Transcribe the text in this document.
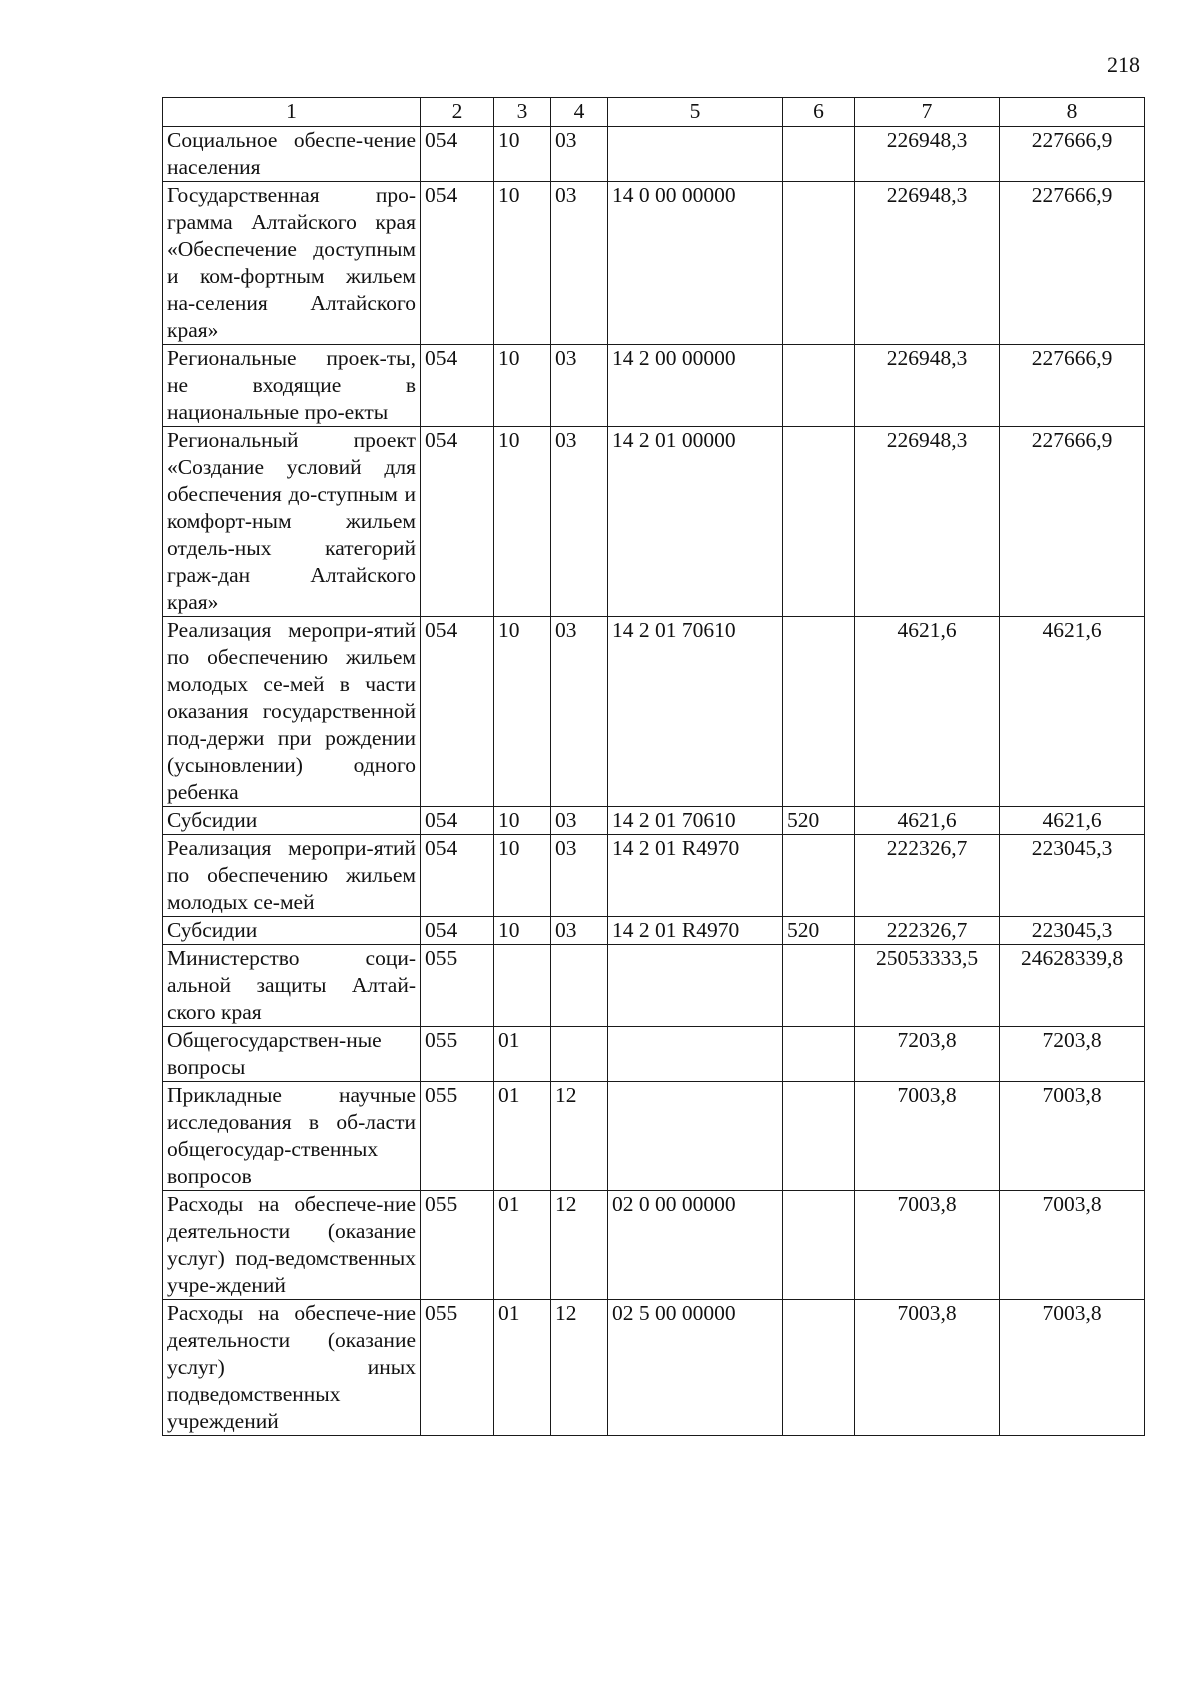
218
1	2	3	4	5	6	7	8
Социальное обеспе-чение населения	054	10	03			226948,3	227666,9
Государственная про-грамма Алтайского края «Обеспечение доступным и ком-фортным жильем на-селения Алтайского края»	054	10	03	14 0 00 00000		226948,3	227666,9
Региональные проек-ты, не входящие в национальные про-екты	054	10	03	14 2 00 00000		226948,3	227666,9
Региональный проект «Создание условий для обеспечения до-ступным и комфорт-ным жильем отдель-ных категорий граж-дан Алтайского края»	054	10	03	14 2 01 00000		226948,3	227666,9
Реализация меропри-ятий по обеспечению жильем молодых се-мей в части оказания государственной под-держи при рождении (усыновлении) одного ребенка	054	10	03	14 2 01 70610		4621,6	4621,6
Субсидии	054	10	03	14 2 01 70610	520	4621,6	4621,6
Реализация меропри-ятий по обеспечению жильем молодых се-мей	054	10	03	14 2 01 R4970		222326,7	223045,3
Субсидии	054	10	03	14 2 01 R4970	520	222326,7	223045,3
Министерство соци-альной защиты Алтай-ского края	055					25053333,5	24628339,8
Общегосударствен-ные вопросы	055	01				7203,8	7203,8
Прикладные научные исследования в об-ласти общегосудар-ственных вопросов	055	01	12			7003,8	7003,8
Расходы на обеспече-ние деятельности (оказание услуг) под-ведомственных учре-ждений	055	01	12	02 0 00 00000		7003,8	7003,8
Расходы на обеспече-ние деятельности (оказание услуг) иных подведомственных учреждений	055	01	12	02 5 00 00000		7003,8	7003,8
